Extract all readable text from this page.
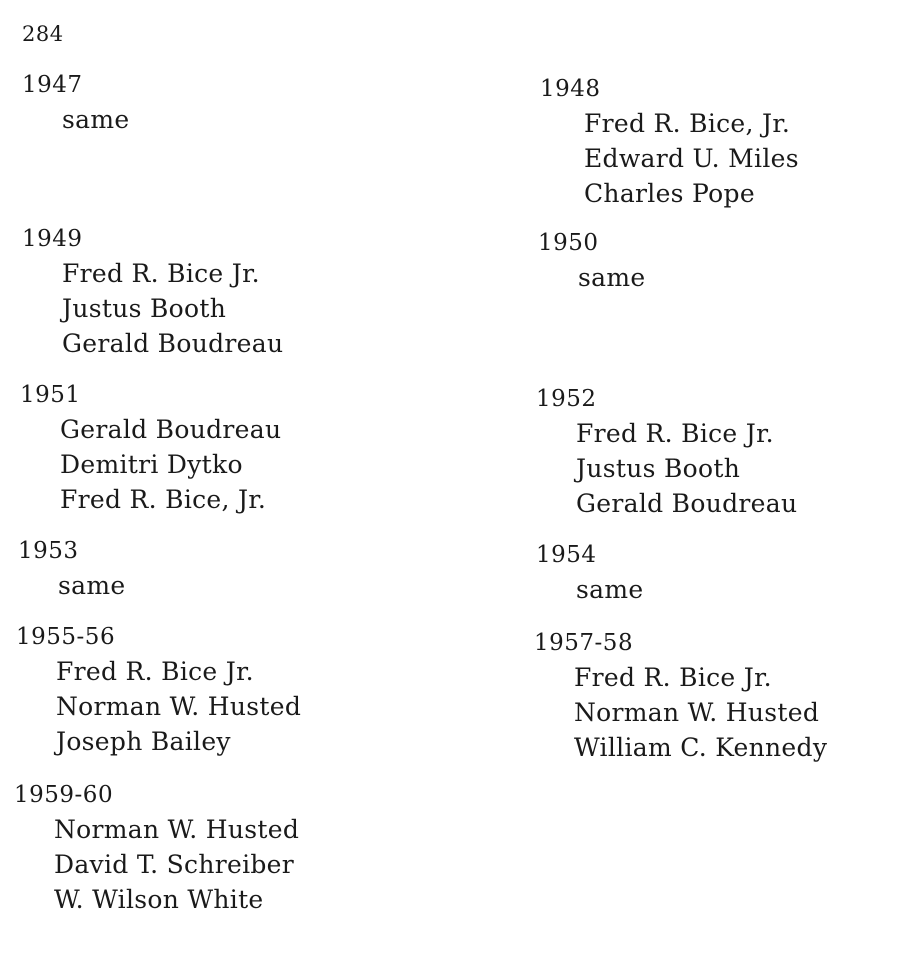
284
1947
same
1949
Fred R. Bice Jr.
Justus Booth
Gerald Boudreau
1951
Gerald Boudreau
Demitri Dytko
Fred R. Bice, Jr.
1953
same
1955-56
Fred R. Bice Jr.
Norman W. Husted
Joseph Bailey
1959-60
Norman W. Husted
David T. Schreiber
W. Wilson White
1948
Fred R. Bice, Jr.
Edward U. Miles
Charles Pope
1950
same
1952
Fred R. Bice Jr.
Justus Booth
Gerald Boudreau
1954
same
1957-58
Fred R. Bice Jr.
Norman W. Husted
William C. Kennedy
